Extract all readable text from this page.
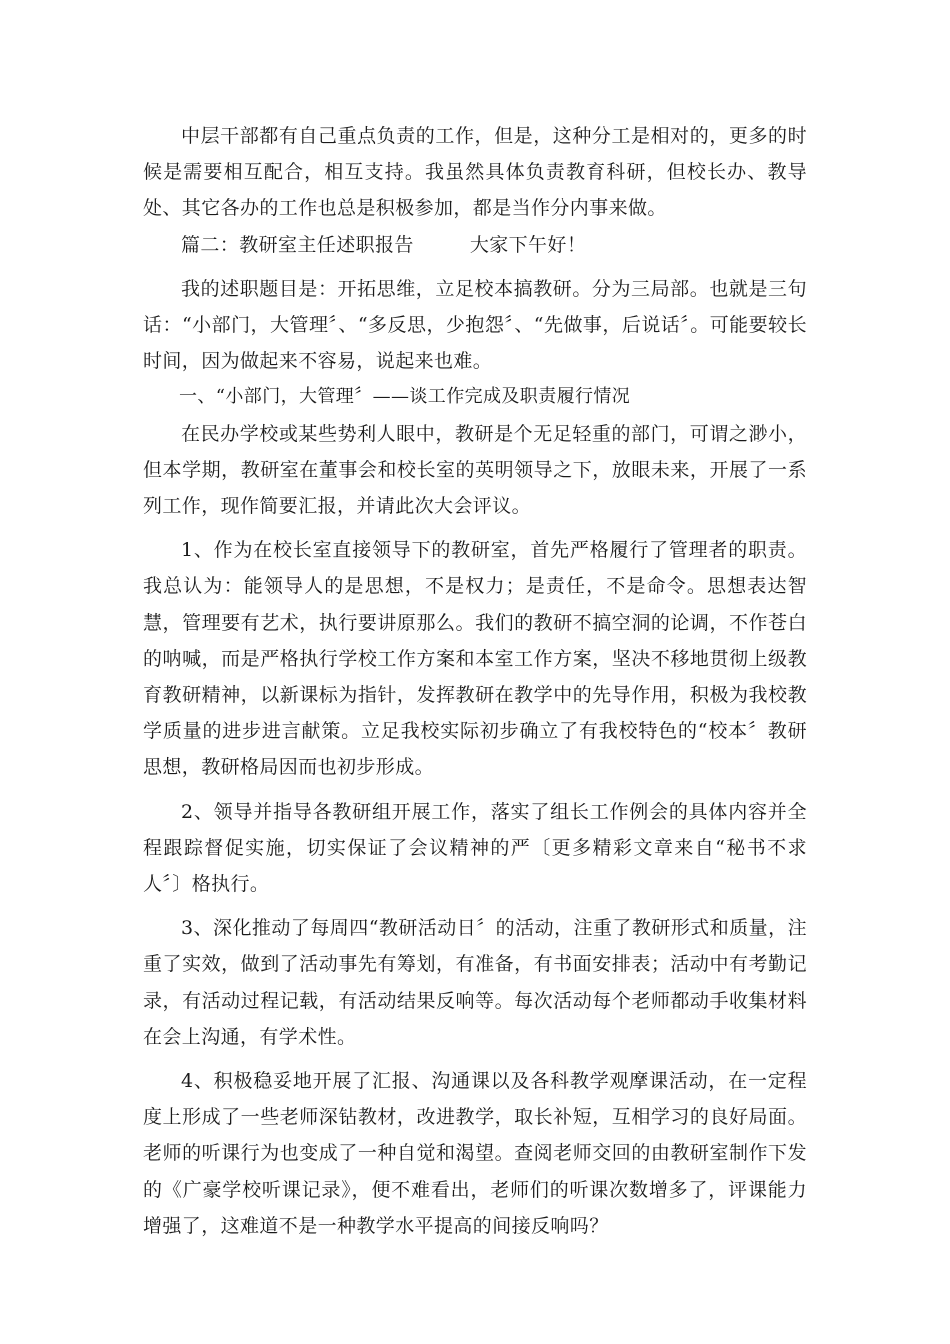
中层干部都有自己重点负责的工作，但是，这种分工是相对的，更多的时候是需要相互配合，相互支持。我虽然具体负责教育科研，但校长办、教导处、其它各办的工作也总是积极参加，都是当作分内事来做。

篇二：教研室主任述职报告	大家下午好！

我的述职题目是：开拓思维，立足校本搞教研。分为三局部。也就是三句话：“小部门，大管理〞、“多反思，少抱怨〞、“先做事，后说话〞。可能要较长时间，因为做起来不容易，说起来也难。

一、“小部门，大管理〞——谈工作完成及职责履行情况

在民办学校或某些势利人眼中，教研是个无足轻重的部门，可谓之渺小，但本学期，教研室在董事会和校长室的英明领导之下，放眼未来，开展了一系列工作，现作简要汇报，并请此次大会评议。

1、作为在校长室直接领导下的教研室，首先严格履行了管理者的职责。我总认为：能领导人的是思想，不是权力；是责任，不是命令。思想表达智慧，管理要有艺术，执行要讲原那么。我们的教研不搞空洞的论调，不作苍白的呐喊，而是严格执行学校工作方案和本室工作方案，坚决不移地贯彻上级教育教研精神，以新课标为指针，发挥教研在教学中的先导作用，积极为我校教学质量的进步进言献策。立足我校实际初步确立了有我校特色的“校本〞教研思想，教研格局因而也初步形成。

2、领导并指导各教研组开展工作，落实了组长工作例会的具体内容并全程跟踪督促实施，切实保证了会议精神的严〔更多精彩文章来自“秘书不求人〞〕格执行。

3、深化推动了每周四“教研活动日〞的活动，注重了教研形式和质量，注重了实效，做到了活动事先有筹划，有准备，有书面安排表；活动中有考勤记录，有活动过程记载，有活动结果反响等。每次活动每个老师都动手收集材料在会上沟通，有学术性。

4、积极稳妥地开展了汇报、沟通课以及各科教学观摩课活动，在一定程度上形成了一些老师深钻教材，改进教学，取长补短，互相学习的良好局面。老师的听课行为也变成了一种自觉和渴望。查阅老师交回的由教研室制作下发的《广豪学校听课记录》，便不难看出，老师们的听课次数增多了，评课能力增强了，这难道不是一种教学水平提高的间接反响吗？
